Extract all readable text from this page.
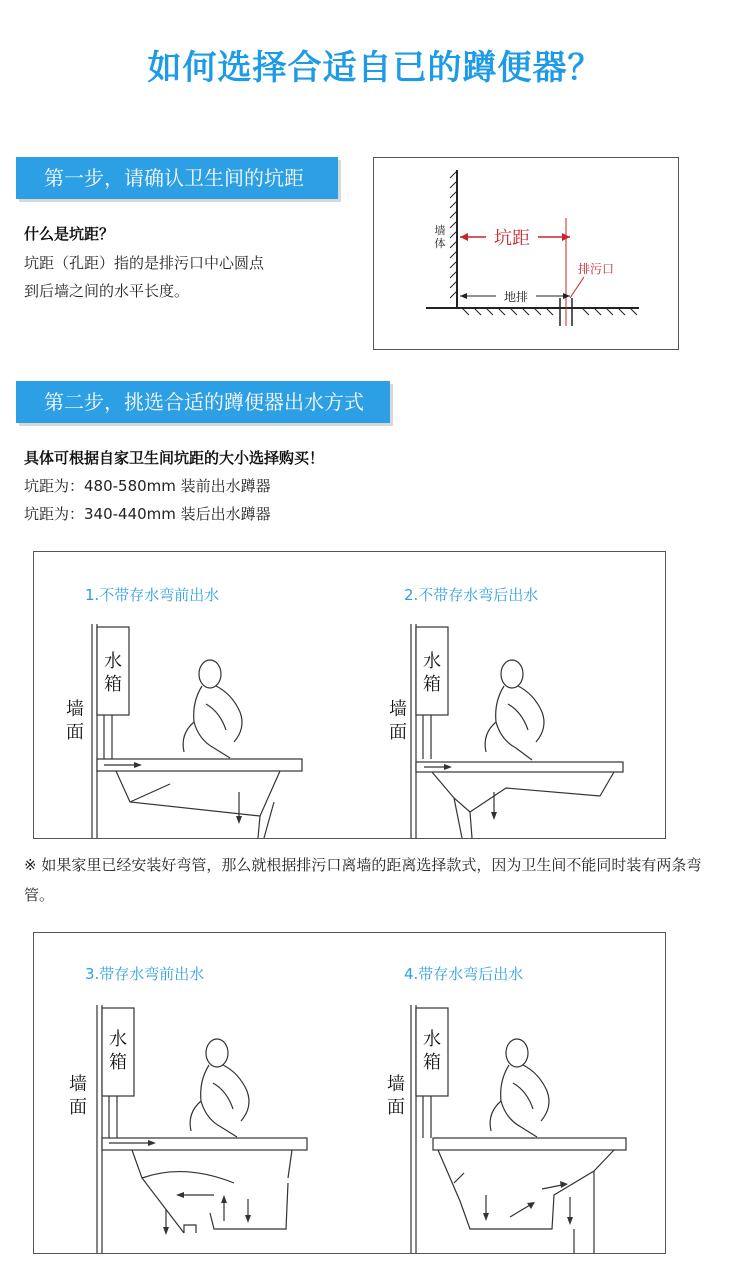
如何选择合适自已的蹲便器？
第一步，请确认卫生间的坑距
什么是坑距？
坑距（孔距）指的是排污口中心圆点
到后墙之间的水平长度。
坑距
墙
体
地排
排污口
第二步，挑选合适的蹲便器出水方式
具体可根据自家卫生间坑距的大小选择购买！
坑距为：480-580mm 装前出水蹲器
坑距为：340-440mm 装后出水蹲器
1.不带存水弯前出水	2.不带存水弯后出水
水
箱
墙
面
水
箱
墙
面
※ 如果家里已经安装好弯管，那么就根据排污口离墙的距离选择款式，因为卫生间不能同时装有两条弯管。
3.带存水弯前出水	4.带存水弯后出水
水
箱
墙
面
水
箱
墙
面
